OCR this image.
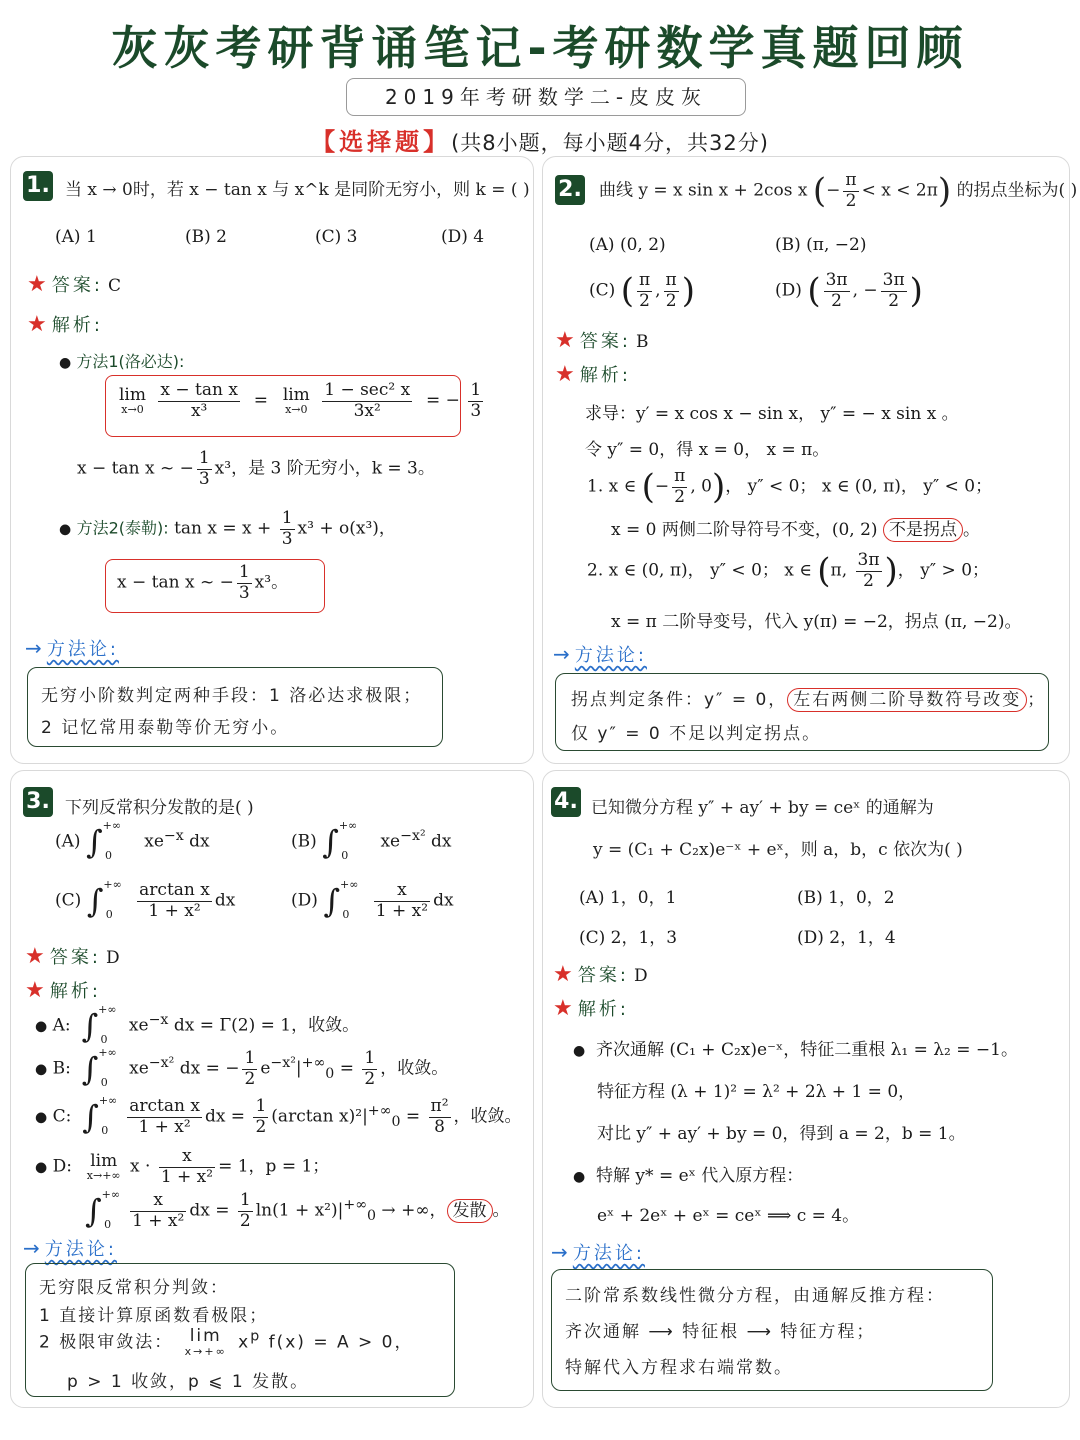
灰灰考研背诵笔记-考研数学真题回顾
2019年考研数学二-皮皮灰
【选择题】(共8小题，每小题4分，共32分)
1. 当 x → 0时，若 x − tan x 与 x^k 是同阶无穷小，则 k = ( )
(A) 1	(B) 2	(C) 3	(D) 4
★ 答案: C
★ 解析:
● 方法1(洛必达):
lim
x→0
$\frac{\text{x − tan x}}{\text{x³}} = \lim$
x→0
$\frac{\text{1 − sec² x}}{\text{3x²}}$ = − $\frac{1}{3}$
x − tan x ~ − $\frac{1}{3} x^3$，是 3 阶无穷小，k = 3。
● 方法2(泰勒): $\tan x = x + \frac{1}{3} x^3 + o(x^3)$，
x − tan x ~ − $\frac{1}{3} x^3$。
→ 方法论:
无穷小阶数判定两种手段：1 洛必达求极限；
2 记忆常用泰勒等价无穷小。
2. 曲线 y = x sin x + 2cos x (− $\frac{\pi}{2} < x < 2\pi$) 的拐点坐标为( )
(A) (0, 2)	(B) (π, −2)
(C) ( $\frac{\pi}{2}$ , $\frac{\pi}{2}$ )	(D) ( $\frac{3\pi}{2}$ , − $\frac{3\pi}{2}$ )
★ 答案: B
★ 解析:
求导：y′ = x cos x − sin x， y″ = − x sin x 。
令 y″ = 0，得 x = 0， x = π。
1. x ∈ (− $\frac{\pi}{2}$ , 0)， y″ < 0； x ∈ (0, π)， y″ < 0；
x = 0 两侧二阶导符号不变，(0, 2) 不是拐点 。
2. x ∈ (0, π)， y″ < 0； x ∈ (π, $\frac{3\pi}{2}$ )， y″ > 0；
x = π 二阶导变号，代入 y(π) = −2，拐点 (π, −2)。
→ 方法论:
拐点判定条件：y″ = 0， 左右两侧二阶导数符号改变 ；
仅 y″ = 0 不足以判定拐点。
3. 下列反常积分发散的是( )
(A) $\int^{+\infty}_0$   $xe^{-x}$ dx	(B) $\int^{+\infty}_0$   $xe^{-x^2}$ dx
(C) $\int^{+\infty}_0 \frac{\text{arctan x}}{\text{1 + x²}}$ dx	(D) $\int^{+\infty}_0 \frac{x}{\text{1 + x²}}$ dx
★ 答案: D
★ 解析:
● A:  $\int^{+\infty}_0$ $xe^{-x}$ dx = Γ(2) = 1，收敛。
● B:  $\int^{+\infty}_0$ $xe^{-x^2}$ dx = − $\frac{1}{2} e^{-x^2}|^{+\infty}_0 = \frac{1}{2}$ ，收敛。
● C:  $\int^{+\infty}_0 \frac{\text{arctan x}}{\text{1 + x²}}$ dx = $\frac{1}{2} (\arctan$ $x)^2|^{+\infty}_0 = \frac{\text{π²}}{8}$ ，收敛。
● D: lim
x→+∞ $x \cdot \frac{x}{\text{1 + x²}} = 1$，p = 1；
$\int^{+\infty}_0 \frac{x}{\text{1 + x²}}$ dx = $\frac{1}{2} \ln(1 + x^2)|^{+\infty}_0$ → +∞， 发散 。
→ 方法论:
无穷限反常积分判敛：
1 直接计算原函数看极限；
2 极限审敛法： lim
x→+∞ $x^p$ f(x) = A > 0，
p > 1 收敛，p ⩽ 1 发散。
4. 已知微分方程 y″ + ay′ + by = ceˣ 的通解为
y = (C₁ + C₂x)e⁻ˣ + eˣ，则 a，b，c 依次为( )
(A) 1，0，1	(B) 1，0，2
(C) 2，1，3	(D) 2，1，4
★ 答案: D
★ 解析:
● 齐次通解 (C₁ + C₂x)e⁻ˣ，特征二重根 λ₁ = λ₂ = −1。
特征方程 (λ + 1)² = λ² + 2λ + 1 = 0，
对比 y″ + ay′ + by = 0，得到 a = 2，b = 1。
● 特解 y* = eˣ 代入原方程：
eˣ + 2eˣ + eˣ = ceˣ ⟹ c = 4。
→ 方法论:
二阶常系数线性微分方程，由通解反推方程：
齐次通解 ⟶ 特征根 ⟶ 特征方程；
特解代入方程求右端常数。
